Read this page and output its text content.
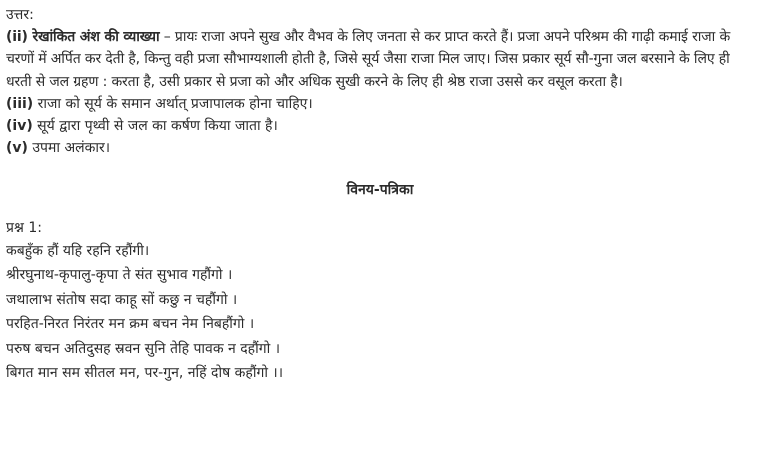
उत्तर:

(ii) रेखांकित अंश की व्याख्या – प्रायः राजा अपने सुख और वैभव के लिए जनता से कर प्राप्त करते हैं। प्रजा अपने परिश्रम की गाढ़ी कमाई राजा के चरणों में अर्पित कर देती है, किन्तु वही प्रजा सौभाग्यशाली होती है, जिसे सूर्य जैसा राजा मिल जाए। जिस प्रकार सूर्य सौ-गुना जल बरसाने के लिए ही धरती से जल ग्रहण : करता है, उसी प्रकार से प्रजा को और अधिक सुखी करने के लिए ही श्रेष्ठ राजा उससे कर वसूल करता है।

(iii) राजा को सूर्य के समान अर्थात् प्रजापालक होना चाहिए।

(iv) सूर्य द्वारा पृथ्वी से जल का कर्षण किया जाता है।

(v) उपमा अलंकार।

विनय-पत्रिका

प्रश्न 1:

कबहुँक हौं यहि रहनि रहौंगी।

श्रीरघुनाथ-कृपालु-कृपा ते संत सुभाव गहौंगो ।

जथालाभ संतोष सदा काहू सों कछु न चहौंगो ।

परहित-निरत निरंतर मन क्रम बचन नेम निबहौंगो ।

परुष बचन अतिदुसह स्रवन सुनि तेहि पावक न दहौंगो ।

बिगत मान सम सीतल मन, पर-गुन, नहिं दोष कहौंगो ।।
